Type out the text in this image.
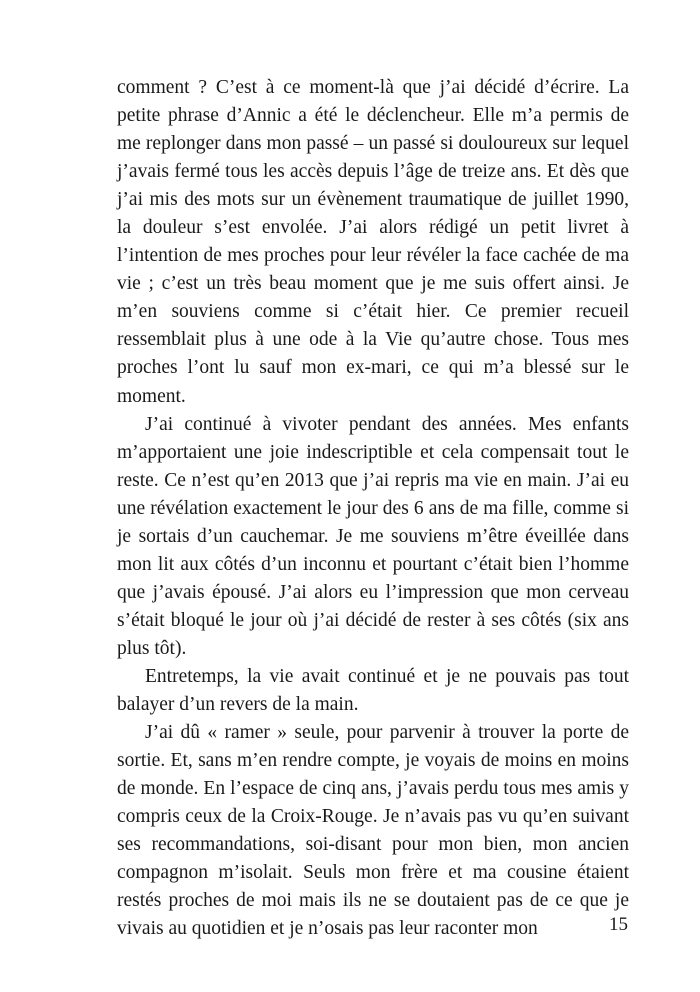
comment ? C’est à ce moment-là que j’ai décidé d’écrire. La petite phrase d’Annic a été le déclencheur. Elle m’a permis de me replonger dans mon passé – un passé si douloureux sur lequel j’avais fermé tous les accès depuis l’âge de treize ans. Et dès que j’ai mis des mots sur un évènement traumatique de juillet 1990, la douleur s’est envolée. J’ai alors rédigé un petit livret à l’intention de mes proches pour leur révéler la face cachée de ma vie ; c’est un très beau moment que je me suis offert ainsi. Je m’en souviens comme si c’était hier. Ce premier recueil ressemblait plus à une ode à la Vie qu’autre chose. Tous mes proches l’ont lu sauf mon ex-mari, ce qui m’a blessé sur le moment.

J’ai continué à vivoter pendant des années. Mes enfants m’apportaient une joie indescriptible et cela compensait tout le reste. Ce n’est qu’en 2013 que j’ai repris ma vie en main. J’ai eu une révélation exactement le jour des 6 ans de ma fille, comme si je sortais d’un cauchemar. Je me souviens m’être éveillée dans mon lit aux côtés d’un inconnu et pourtant c’était bien l’homme que j’avais épousé. J’ai alors eu l’impression que mon cerveau s’était bloqué le jour où j’ai décidé de rester à ses côtés (six ans plus tôt).

Entretemps, la vie avait continué et je ne pouvais pas tout balayer d’un revers de la main.

J’ai dû « ramer » seule, pour parvenir à trouver la porte de sortie. Et, sans m’en rendre compte, je voyais de moins en moins de monde. En l’espace de cinq ans, j’avais perdu tous mes amis y compris ceux de la Croix-Rouge. Je n’avais pas vu qu’en suivant ses recommandations, soi-disant pour mon bien, mon ancien compagnon m’isolait. Seuls mon frère et ma cousine étaient restés proches de moi mais ils ne se doutaient pas de ce que je vivais au quotidien et je n’osais pas leur raconter mon	15
